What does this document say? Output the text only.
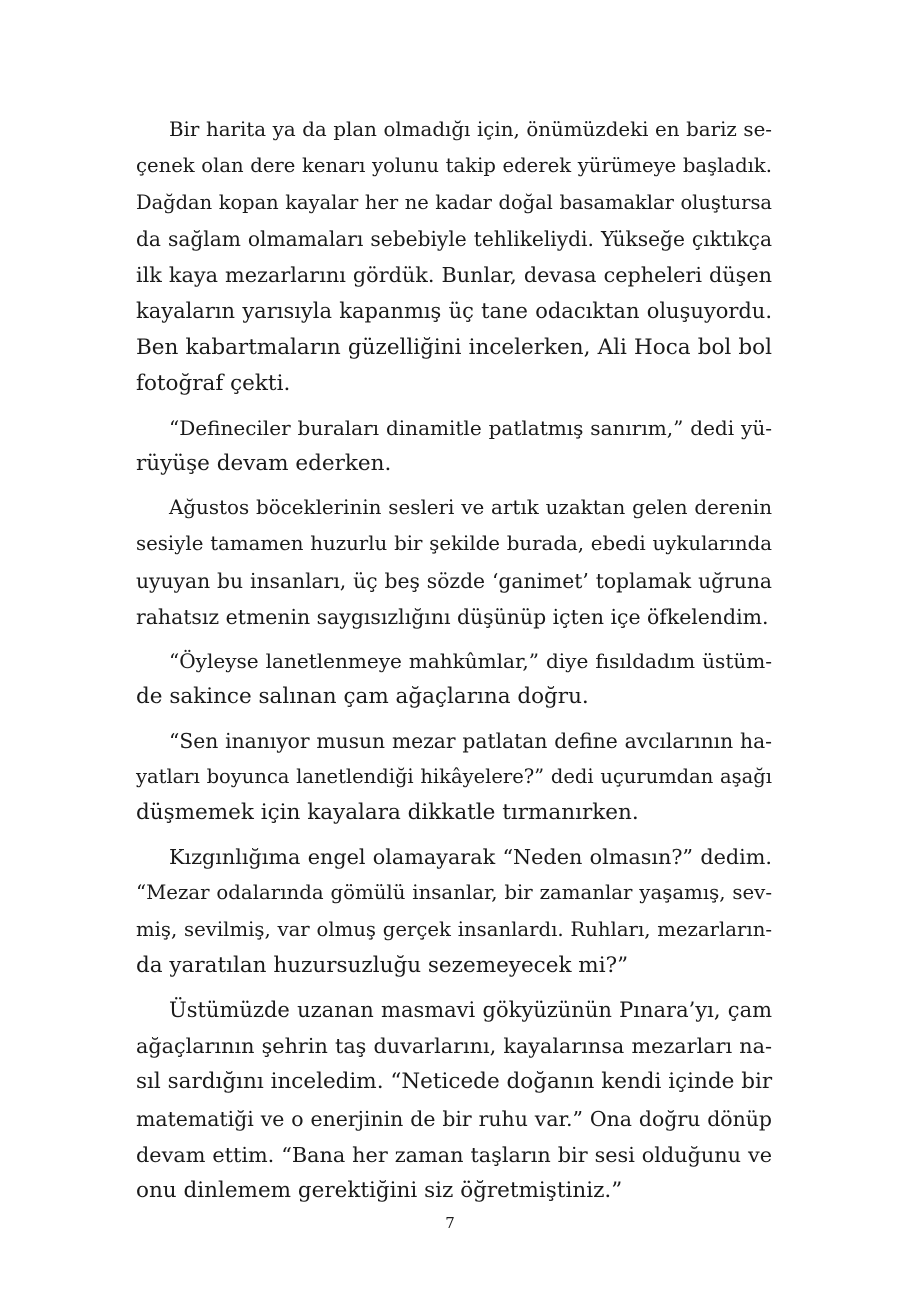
Bir harita ya da plan olmadığı için, önümüzdeki en bariz se-
çenek olan dere kenarı yolunu takip ederek yürümeye başladık.
Dağdan kopan kayalar her ne kadar doğal basamaklar oluştursa
da sağlam olmamaları sebebiyle tehlikeliydi. Yükseğe çıktıkça
ilk kaya mezarlarını gördük. Bunlar, devasa cepheleri düşen
kayaların yarısıyla kapanmış üç tane odacıktan oluşuyordu.
Ben kabartmaların güzelliğini incelerken, Ali Hoca bol bol
fotoğraf çekti.
“Defineciler buraları dinamitle patlatmış sanırım,” dedi yü-
rüyüşe devam ederken.
Ağustos böceklerinin sesleri ve artık uzaktan gelen derenin
sesiyle tamamen huzurlu bir şekilde burada, ebedi uykularında
uyuyan bu insanları, üç beş sözde ‘ganimet’ toplamak uğruna
rahatsız etmenin saygısızlığını düşünüp içten içe öfkelendim.
“Öyleyse lanetlenmeye mahkûmlar,” diye fısıldadım üstüm-
de sakince salınan çam ağaçlarına doğru.
“Sen inanıyor musun mezar patlatan define avcılarının ha-
yatları boyunca lanetlendiği hikâyelere?” dedi uçurumdan aşağı
düşmemek için kayalara dikkatle tırmanırken.
Kızgınlığıma engel olamayarak “Neden olmasın?” dedim.
“Mezar odalarında gömülü insanlar, bir zamanlar yaşamış, sev-
miş, sevilmiş, var olmuş gerçek insanlardı. Ruhları, mezarların-
da yaratılan huzursuzluğu sezemeyecek mi?”
Üstümüzde uzanan masmavi gökyüzünün Pınara’yı, çam
ağaçlarının şehrin taş duvarlarını, kayalarınsa mezarları na-
sıl sardığını inceledim. “Neticede doğanın kendi içinde bir
matematiği ve o enerjinin de bir ruhu var.” Ona doğru dönüp
devam ettim. “Bana her zaman taşların bir sesi olduğunu ve
onu dinlemem gerektiğini siz öğretmiştiniz.”
7
